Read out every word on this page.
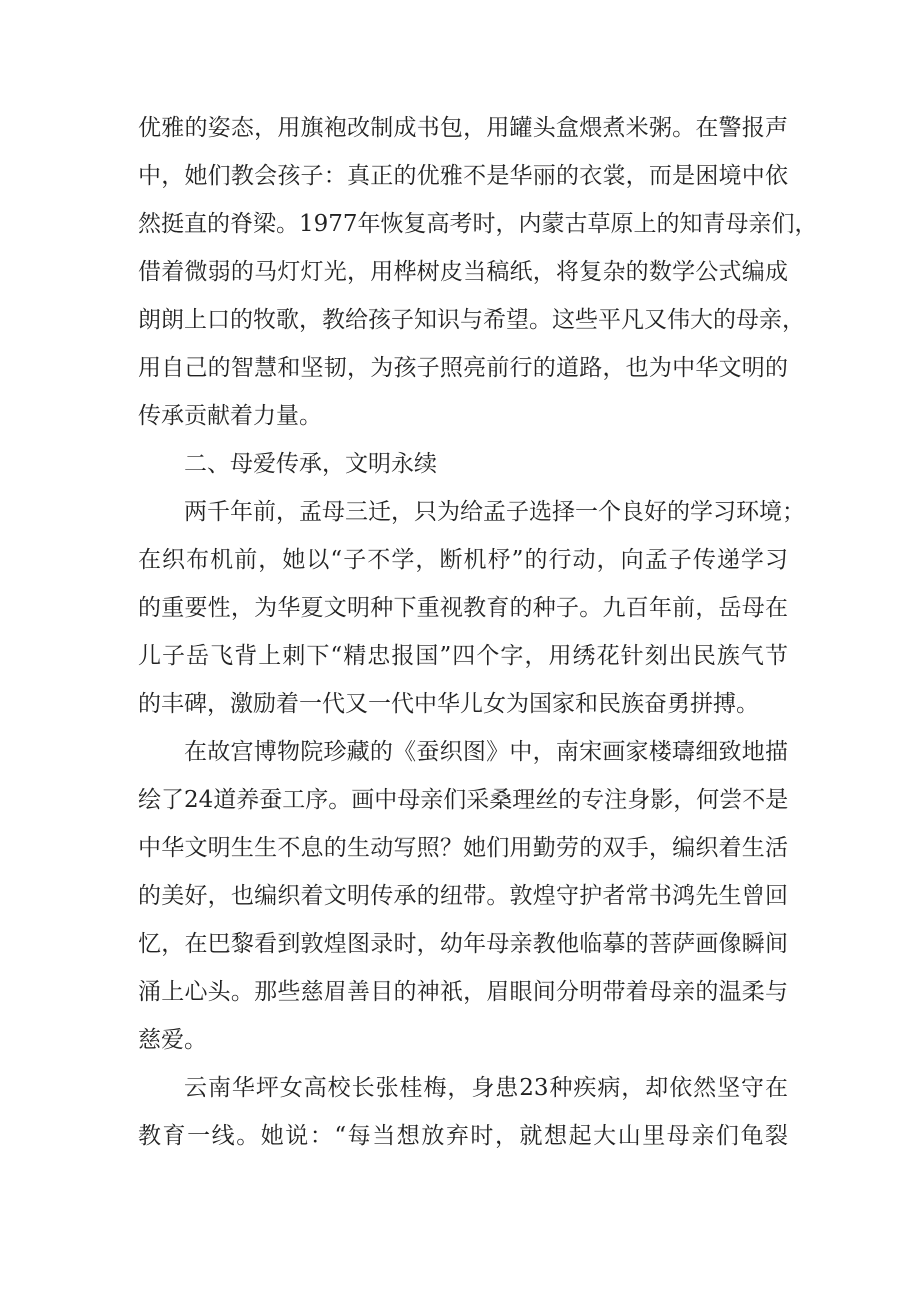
优雅的姿态，用旗袍改制成书包，用罐头盒煨煮米粥。在警报声
中，她们教会孩子：真正的优雅不是华丽的衣裳，而是困境中依
然挺直的脊梁。1977年恢复高考时，内蒙古草原上的知青母亲们，
借着微弱的马灯灯光，用桦树皮当稿纸，将复杂的数学公式编成
朗朗上口的牧歌，教给孩子知识与希望。这些平凡又伟大的母亲，
用自己的智慧和坚韧，为孩子照亮前行的道路，也为中华文明的
传承贡献着力量。
二、母爱传承，文明永续
两千年前，孟母三迁，只为给孟子选择一个良好的学习环境；
在织布机前，她以“子不学，断机杼”的行动，向孟子传递学习
的重要性，为华夏文明种下重视教育的种子。九百年前，岳母在
儿子岳飞背上刺下“精忠报国”四个字，用绣花针刻出民族气节
的丰碑，激励着一代又一代中华儿女为国家和民族奋勇拼搏。
在故宫博物院珍藏的《蚕织图》中，南宋画家楼璹细致地描
绘了24道养蚕工序。画中母亲们采桑理丝的专注身影，何尝不是
中华文明生生不息的生动写照？她们用勤劳的双手，编织着生活
的美好，也编织着文明传承的纽带。敦煌守护者常书鸿先生曾回
忆，在巴黎看到敦煌图录时，幼年母亲教他临摹的菩萨画像瞬间
涌上心头。那些慈眉善目的神祇，眉眼间分明带着母亲的温柔与
慈爱。
云南华坪女高校长张桂梅，身患23种疾病，却依然坚守在
教育一线。她说：“每当想放弃时，就想起大山里母亲们龟裂
